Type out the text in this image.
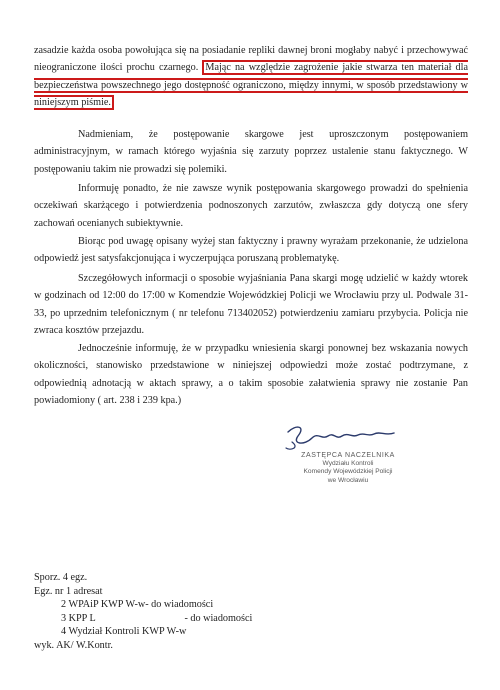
zasadzie każda osoba powołująca się na posiadanie repliki dawnej broni mogłaby nabyć i przechowywać nieograniczone ilości prochu czarnego. Mając na względzie zagrożenie jakie stwarza ten materiał dla bezpieczeństwa powszechnego jego dostępność ograniczono, między innymi, w sposób przedstawiony w niniejszym piśmie.

Nadmieniam, że postępowanie skargowe jest uproszczonym postępowaniem administracyjnym, w ramach którego wyjaśnia się zarzuty poprzez ustalenie stanu faktycznego. W postępowaniu takim nie prowadzi się polemiki.

Informuję ponadto, że nie zawsze wynik postępowania skargowego prowadzi do spełnienia oczekiwań skarżącego i potwierdzenia podnoszonych zarzutów, zwłaszcza gdy dotyczą one sfery zachowań ocenianych subiektywnie.

Biorąc pod uwagę opisany wyżej stan faktyczny i prawny wyrażam przekonanie, że udzielona odpowiedź jest satysfakcjonująca i wyczerpująca poruszaną problematykę.

Szczegółowych informacji o sposobie wyjaśniania Pana skargi mogę udzielić w każdy wtorek w godzinach od 12:00 do 17:00 w Komendzie Wojewódzkiej Policji we Wrocławiu przy ul. Podwale 31-33, po uprzednim telefonicznym ( nr telefonu 713402052) potwierdzeniu zamiaru przybycia. Policja nie zwraca kosztów przejazdu.

Jednocześnie informuję, że w przypadku wniesienia skargi ponownej bez wskazania nowych okoliczności, stanowisko przedstawione w niniejszej odpowiedzi może zostać podtrzymane, z odpowiednią adnotacją w aktach sprawy, a o takim sposobie załatwienia sprawy nie zostanie Pan powiadomiony ( art. 238 i 239 kpa.)

ZASTĘPCA NACZELNIKA
Wydziału Kontroli
Komendy Wojewódzkiej Policji
we Wrocławiu
Sporz. 4 egz.
Egz. nr 1 adresat
2 WPAiP KWP W-w- do wiadomości
3 KPP L	- do wiadomości
4 Wydział Kontroli KWP W-w
wyk. AK/ W.Kontr.
